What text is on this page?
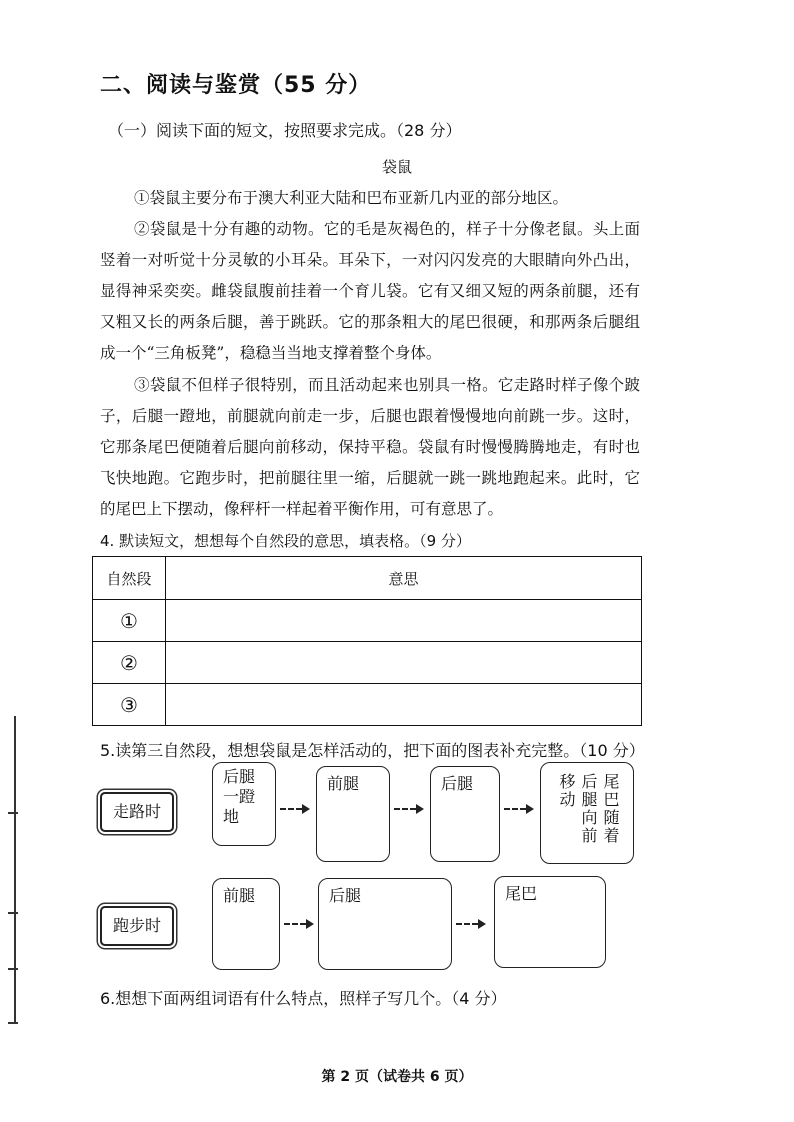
二、阅读与鉴赏（55 分）
（一）阅读下面的短文，按照要求完成。（28 分）
袋鼠
①袋鼠主要分布于澳大利亚大陆和巴布亚新几内亚的部分地区。
②袋鼠是十分有趣的动物。它的毛是灰褐色的，样子十分像老鼠。头上面竖着一对听觉十分灵敏的小耳朵。耳朵下，一对闪闪发亮的大眼睛向外凸出，显得神采奕奕。雌袋鼠腹前挂着一个育儿袋。它有又细又短的两条前腿，还有又粗又长的两条后腿，善于跳跃。它的那条粗大的尾巴很硬，和那两条后腿组成一个“三角板凳”，稳稳当当地支撑着整个身体。
③袋鼠不但样子很特别，而且活动起来也别具一格。它走路时样子像个跛子，后腿一蹬地，前腿就向前走一步，后腿也跟着慢慢地向前跳一步。这时，它那条尾巴便随着后腿向前移动，保持平稳。袋鼠有时慢慢腾腾地走，有时也飞快地跑。它跑步时，把前腿往里一缩，后腿就一跳一跳地跑起来。此时，它的尾巴上下摆动，像秤杆一样起着平衡作用，可有意思了。
4. 默读短文，想想每个自然段的意思，填表格。（9 分）
自然段	意思
①	
②	
③	
5.读第三自然段，想想袋鼠是怎样活动的，把下面的图表补充完整。（10 分）
走路时
后腿一蹬地
前腿	后腿	尾巴随着后腿向前移动
跑步时
前腿	后腿	尾巴
6.想想下面两组词语有什么特点，照样子写几个。（4 分）
第 2 页（试卷共 6 页）
